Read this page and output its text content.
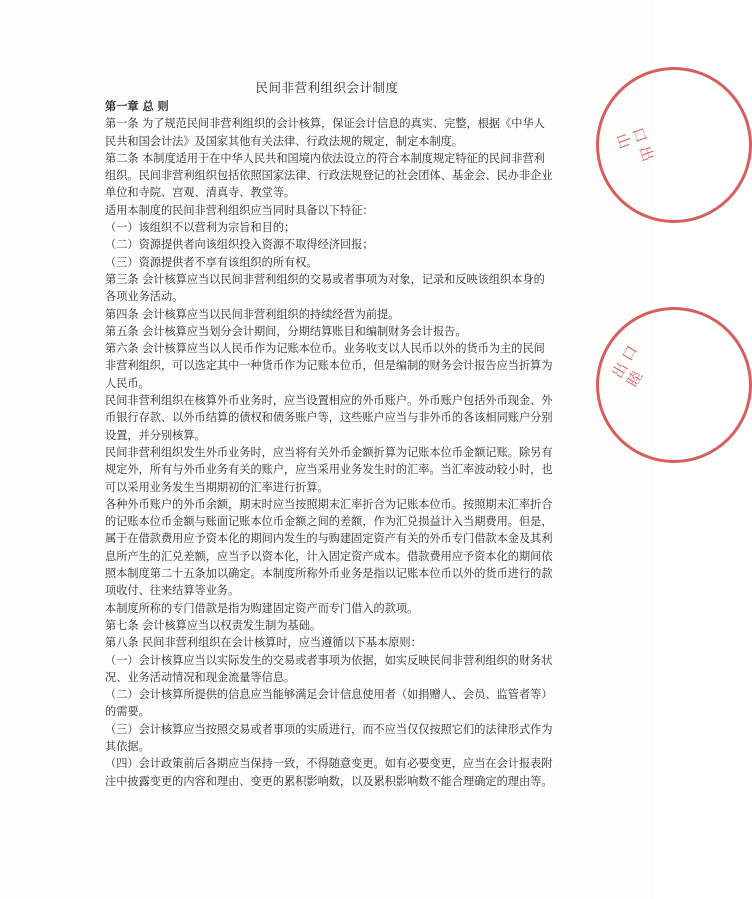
民间非营利组织会计制度

第一章 总 则

第一条 为了规范民间非营利组织的会计核算，保证会计信息的真实、完整，根据《中华人民共和国会计法》及国家其他有关法律、行政法规的规定，制定本制度。

第二条 本制度适用于在中华人民共和国境内依法设立的符合本制度规定特征的民间非营利组织。民间非营利组织包括依照国家法律、行政法规登记的社会团体、基金会、民办非企业单位和寺院、宫观、清真寺、教堂等。

适用本制度的民间非营利组织应当同时具备以下特征：

（一）该组织不以营利为宗旨和目的；

（二）资源提供者向该组织投入资源不取得经济回报；

（三）资源提供者不享有该组织的所有权。

第三条 会计核算应当以民间非营利组织的交易或者事项为对象，记录和反映该组织本身的各项业务活动。

第四条 会计核算应当以民间非营利组织的持续经营为前提。

第五条 会计核算应当划分会计期间，分期结算账目和编制财务会计报告。

第六条 会计核算应当以人民币作为记账本位币。业务收支以人民币以外的货币为主的民间非营利组织，可以选定其中一种货币作为记账本位币，但是编制的财务会计报告应当折算为人民币。

民间非营利组织在核算外币业务时，应当设置相应的外币账户。外币账户包括外币现金、外币银行存款、以外币结算的债权和债务账户等，这些账户应当与非外币的各该相同账户分别设置，并分别核算。

民间非营利组织发生外币业务时，应当将有关外币金额折算为记账本位币金额记账。除另有规定外，所有与外币业务有关的账户，应当采用业务发生时的汇率。当汇率波动较小时，也可以采用业务发生当期期初的汇率进行折算。

各种外币账户的外币余额，期末时应当按照期末汇率折合为记账本位币。按照期末汇率折合的记账本位币金额与账面记账本位币金额之间的差额，作为汇兑损益计入当期费用。但是，属于在借款费用应予资本化的期间内发生的与购建固定资产有关的外币专门借款本金及其利息所产生的汇兑差额，应当予以资本化，计入固定资产成本。借款费用应予资本化的期间依照本制度第二十五条加以确定。本制度所称外币业务是指以记账本位币以外的货币进行的款项收付、往来结算等业务。

本制度所称的专门借款是指为购建固定资产而专门借入的款项。

第七条 会计核算应当以权责发生制为基础。

第八条 民间非营利组织在会计核算时，应当遵循以下基本原则：

（一）会计核算应当以实际发生的交易或者事项为依据，如实反映民间非营利组织的财务状况、业务活动情况和现金流量等信息。

（二）会计核算所提供的信息应当能够满足会计信息使用者（如捐赠人、会员、监管者等）的需要。

（三）会计核算应当按照交易或者事项的实质进行，而不应当仅仅按照它们的法律形式作为其依据。

（四）会计政策前后各期应当保持一致，不得随意变更。如有必要变更，应当在会计报表附注中披露变更的内容和理由、变更的累积影响数，以及累积影响数不能合理确定的理由等。

口 出 山
出 口 睦
